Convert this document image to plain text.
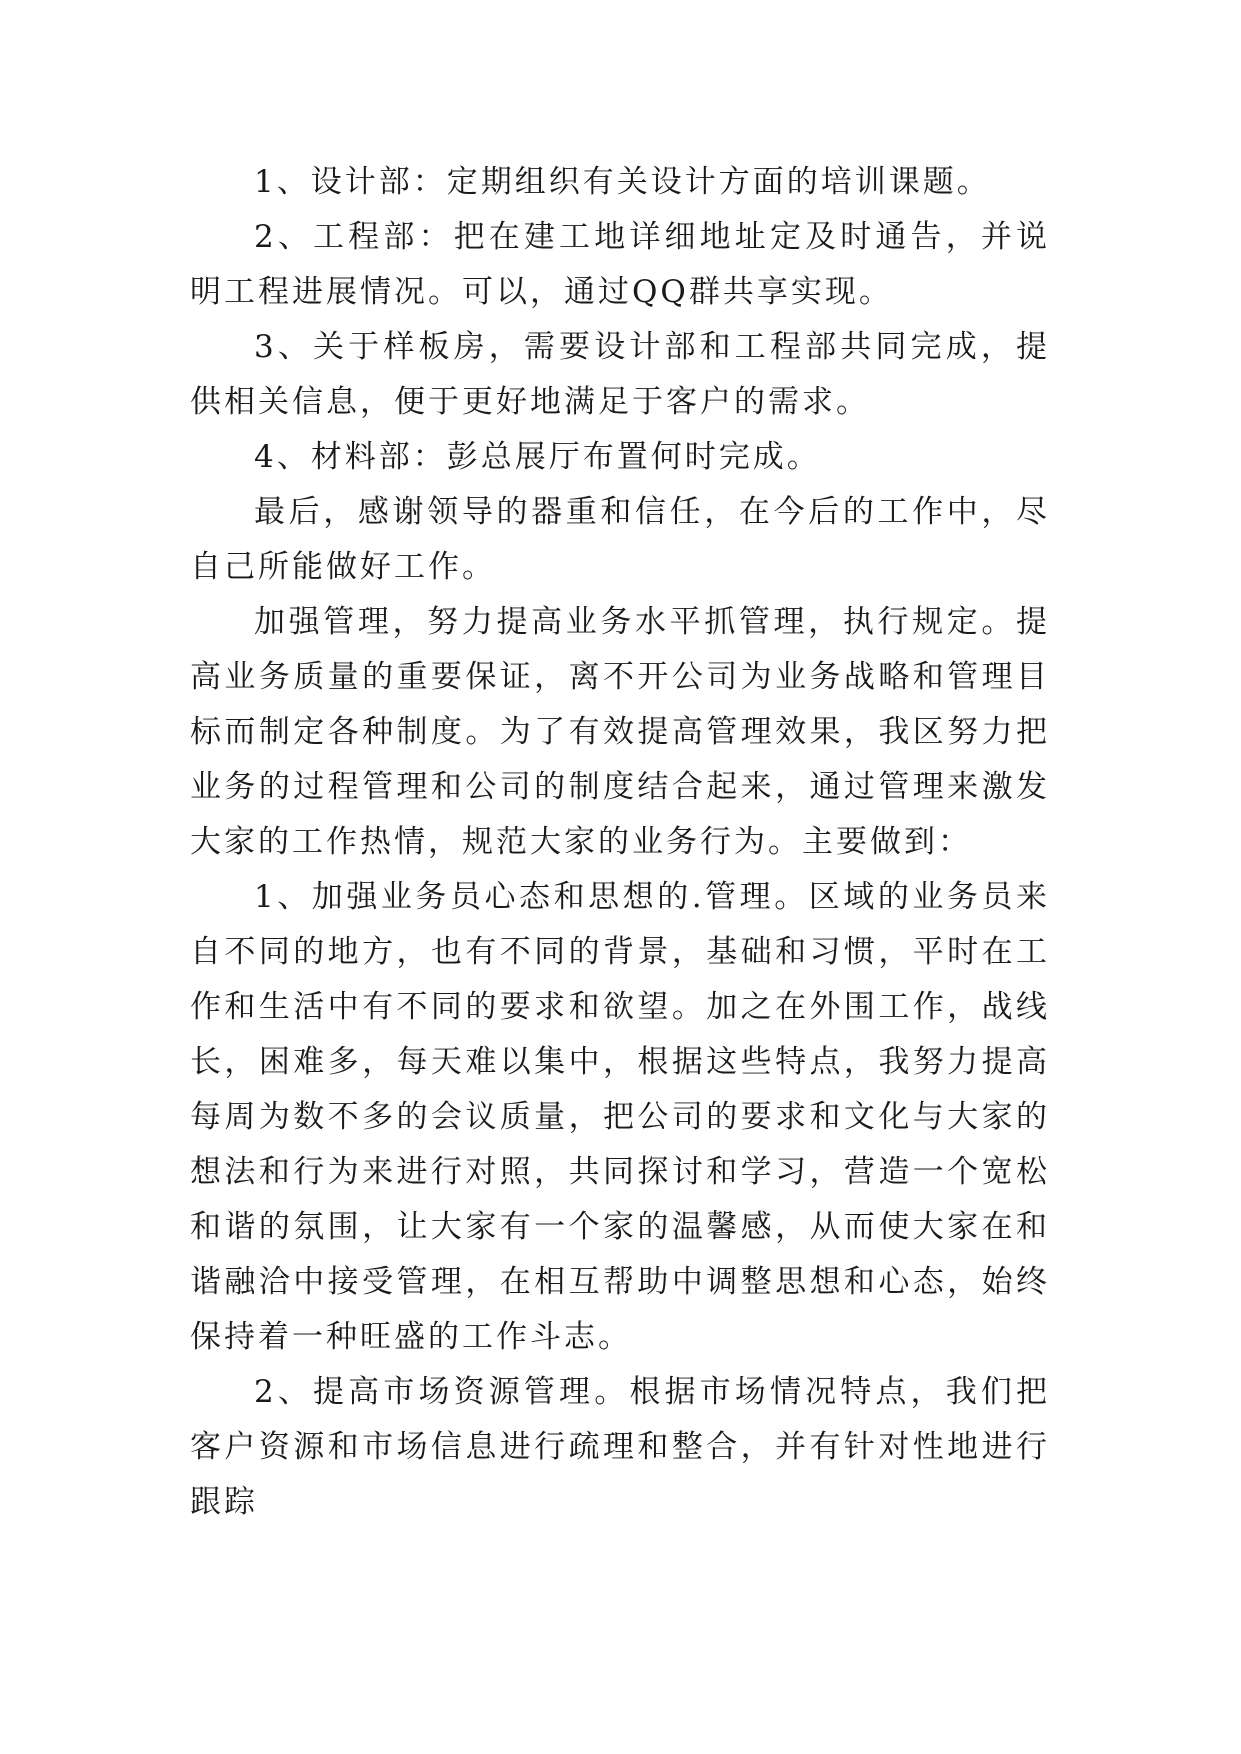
1、设计部：定期组织有关设计方面的培训课题。

2、工程部：把在建工地详细地址定及时通告，并说明工程进展情况。可以，通过QQ群共享实现。

3、关于样板房，需要设计部和工程部共同完成，提供相关信息，便于更好地满足于客户的需求。

4、材料部：彭总展厅布置何时完成。

最后，感谢领导的器重和信任，在今后的工作中，尽自己所能做好工作。

加强管理，努力提高业务水平抓管理，执行规定。提高业务质量的重要保证，离不开公司为业务战略和管理目标而制定各种制度。为了有效提高管理效果，我区努力把业务的过程管理和公司的制度结合起来，通过管理来激发大家的工作热情，规范大家的业务行为。主要做到：

1、加强业务员心态和思想的.管理。区域的业务员来自不同的地方，也有不同的背景，基础和习惯，平时在工作和生活中有不同的要求和欲望。加之在外围工作，战线长，困难多，每天难以集中，根据这些特点，我努力提高每周为数不多的会议质量，把公司的要求和文化与大家的想法和行为来进行对照，共同探讨和学习，营造一个宽松和谐的氛围，让大家有一个家的温馨感，从而使大家在和谐融洽中接受管理，在相互帮助中调整思想和心态，始终保持着一种旺盛的工作斗志。

2、提高市场资源管理。根据市场情况特点，我们把客户资源和市场信息进行疏理和整合，并有针对性地进行跟踪
